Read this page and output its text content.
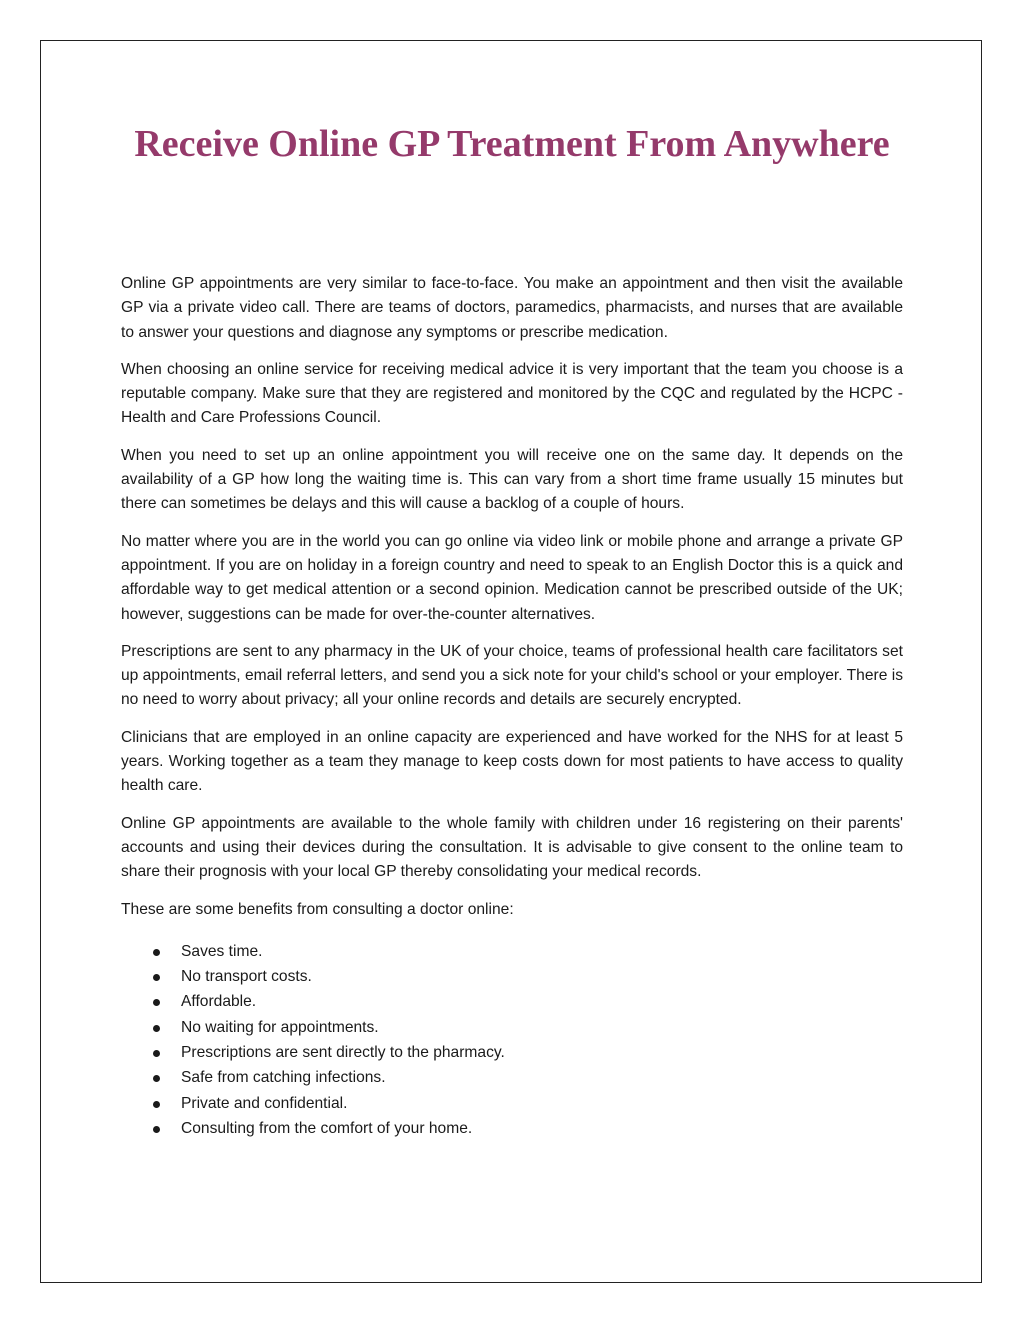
Receive Online GP Treatment From Anywhere

Online GP appointments are very similar to face-to-face. You make an appointment and then visit the available GP via a private video call. There are teams of doctors, paramedics, pharmacists, and nurses that are available to answer your questions and diagnose any symptoms or prescribe medication.

When choosing an online service for receiving medical advice it is very important that the team you choose is a reputable company. Make sure that they are registered and monitored by the CQC and regulated by the HCPC - Health and Care Professions Council.

When you need to set up an online appointment you will receive one on the same day. It depends on the availability of a GP how long the waiting time is. This can vary from a short time frame usually 15 minutes but there can sometimes be delays and this will cause a backlog of a couple of hours.

No matter where you are in the world you can go online via video link or mobile phone and arrange a private GP appointment. If you are on holiday in a foreign country and need to speak to an English Doctor this is a quick and affordable way to get medical attention or a second opinion. Medication cannot be prescribed outside of the UK; however, suggestions can be made for over-the-counter alternatives.

Prescriptions are sent to any pharmacy in the UK of your choice, teams of professional health care facilitators set up appointments, email referral letters, and send you a sick note for your child's school or your employer. There is no need to worry about privacy; all your online records and details are securely encrypted.

Clinicians that are employed in an online capacity are experienced and have worked for the NHS for at least 5 years. Working together as a team they manage to keep costs down for most patients to have access to quality health care.

Online GP appointments are available to the whole family with children under 16 registering on their parents' accounts and using their devices during the consultation. It is advisable to give consent to the online team to share their prognosis with your local GP thereby consolidating your medical records.

These are some benefits from consulting a doctor online:

Saves time.
No transport costs.
Affordable.
No waiting for appointments.
Prescriptions are sent directly to the pharmacy.
Safe from catching infections.
Private and confidential.
Consulting from the comfort of your home.
